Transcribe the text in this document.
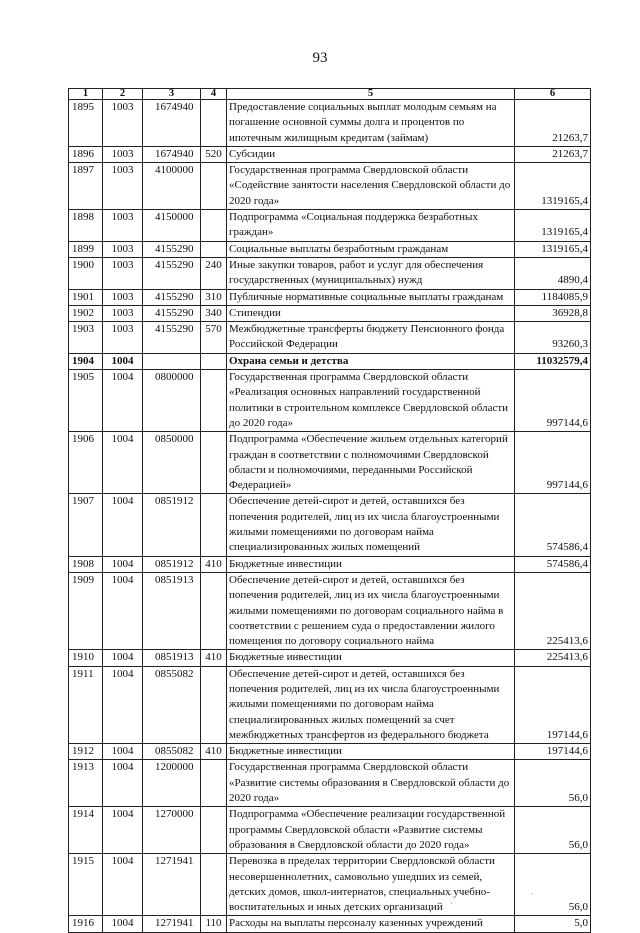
93
1	2	3	4	5	6
1895	1003	1674940		Предоставление социальных выплат молодым семьям на погашение основной суммы долга и процентов по ипотечным жилищным кредитам (займам)	21263,7
1896	1003	1674940	520	Субсидии	21263,7
1897	1003	4100000		Государственная программа Свердловской области «Содействие занятости населения Свердловской области до 2020 года»	1319165,4
1898	1003	4150000		Подпрограмма «Социальная поддержка безработных граждан»	1319165,4
1899	1003	4155290		Социальные выплаты безработным гражданам	1319165,4
1900	1003	4155290	240	Иные закупки товаров, работ и услуг для обеспечения государственных (муниципальных) нужд	4890,4
1901	1003	4155290	310	Публичные нормативные социальные выплаты гражданам	1184085,9
1902	1003	4155290	340	Стипендии	36928,8
1903	1003	4155290	570	Межбюджетные трансферты бюджету Пенсионного фонда Российской Федерации	93260,3
1904	1004			Охрана семьи и детства	11032579,4
1905	1004	0800000		Государственная программа Свердловской области «Реализация основных направлений государственной политики в строительном комплексе Свердловской области до 2020 года»	997144,6
1906	1004	0850000		Подпрограмма «Обеспечение жильем отдельных категорий граждан в соответствии с полномочиями Свердловской области и полномочиями, переданными Российской Федерацией»	997144,6
1907	1004	0851912		Обеспечение детей-сирот и детей, оставшихся без попечения родителей, лиц из их числа благоустроенными жилыми помещениями по договорам найма специализированных жилых помещений	574586,4
1908	1004	0851912	410	Бюджетные инвестиции	574586,4
1909	1004	0851913		Обеспечение детей-сирот и детей, оставшихся без попечения родителей, лиц из их числа благоустроенными жилыми помещениями по договорам социального найма в соответствии с решением суда о предоставлении жилого помещения по договору социального найма	225413,6
1910	1004	0851913	410	Бюджетные инвестиции	225413,6
1911	1004	0855082		Обеспечение детей-сирот и детей, оставшихся без попечения родителей, лиц из их числа благоустроенными жилыми помещениями по договорам найма специализированных жилых помещений за счет межбюджетных трансфертов из федерального бюджета	197144,6
1912	1004	0855082	410	Бюджетные инвестиции	197144,6
1913	1004	1200000		Государственная программа Свердловской области «Развитие системы образования в Свердловской области до 2020 года»	56,0
1914	1004	1270000		Подпрограмма «Обеспечение реализации государственной программы Свердловской области «Развитие системы образования в Свердловской области до 2020 года»	56,0
1915	1004	1271941		Перевозка в пределах территории Свердловской области несовершеннолетних, самовольно ушедших из семей, детских домов, школ-интернатов, специальных учебно-воспитательных и иных детских организаций	56,0
1916	1004	1271941	110	Расходы на выплаты персоналу казенных учреждений	5,0
· · ·
